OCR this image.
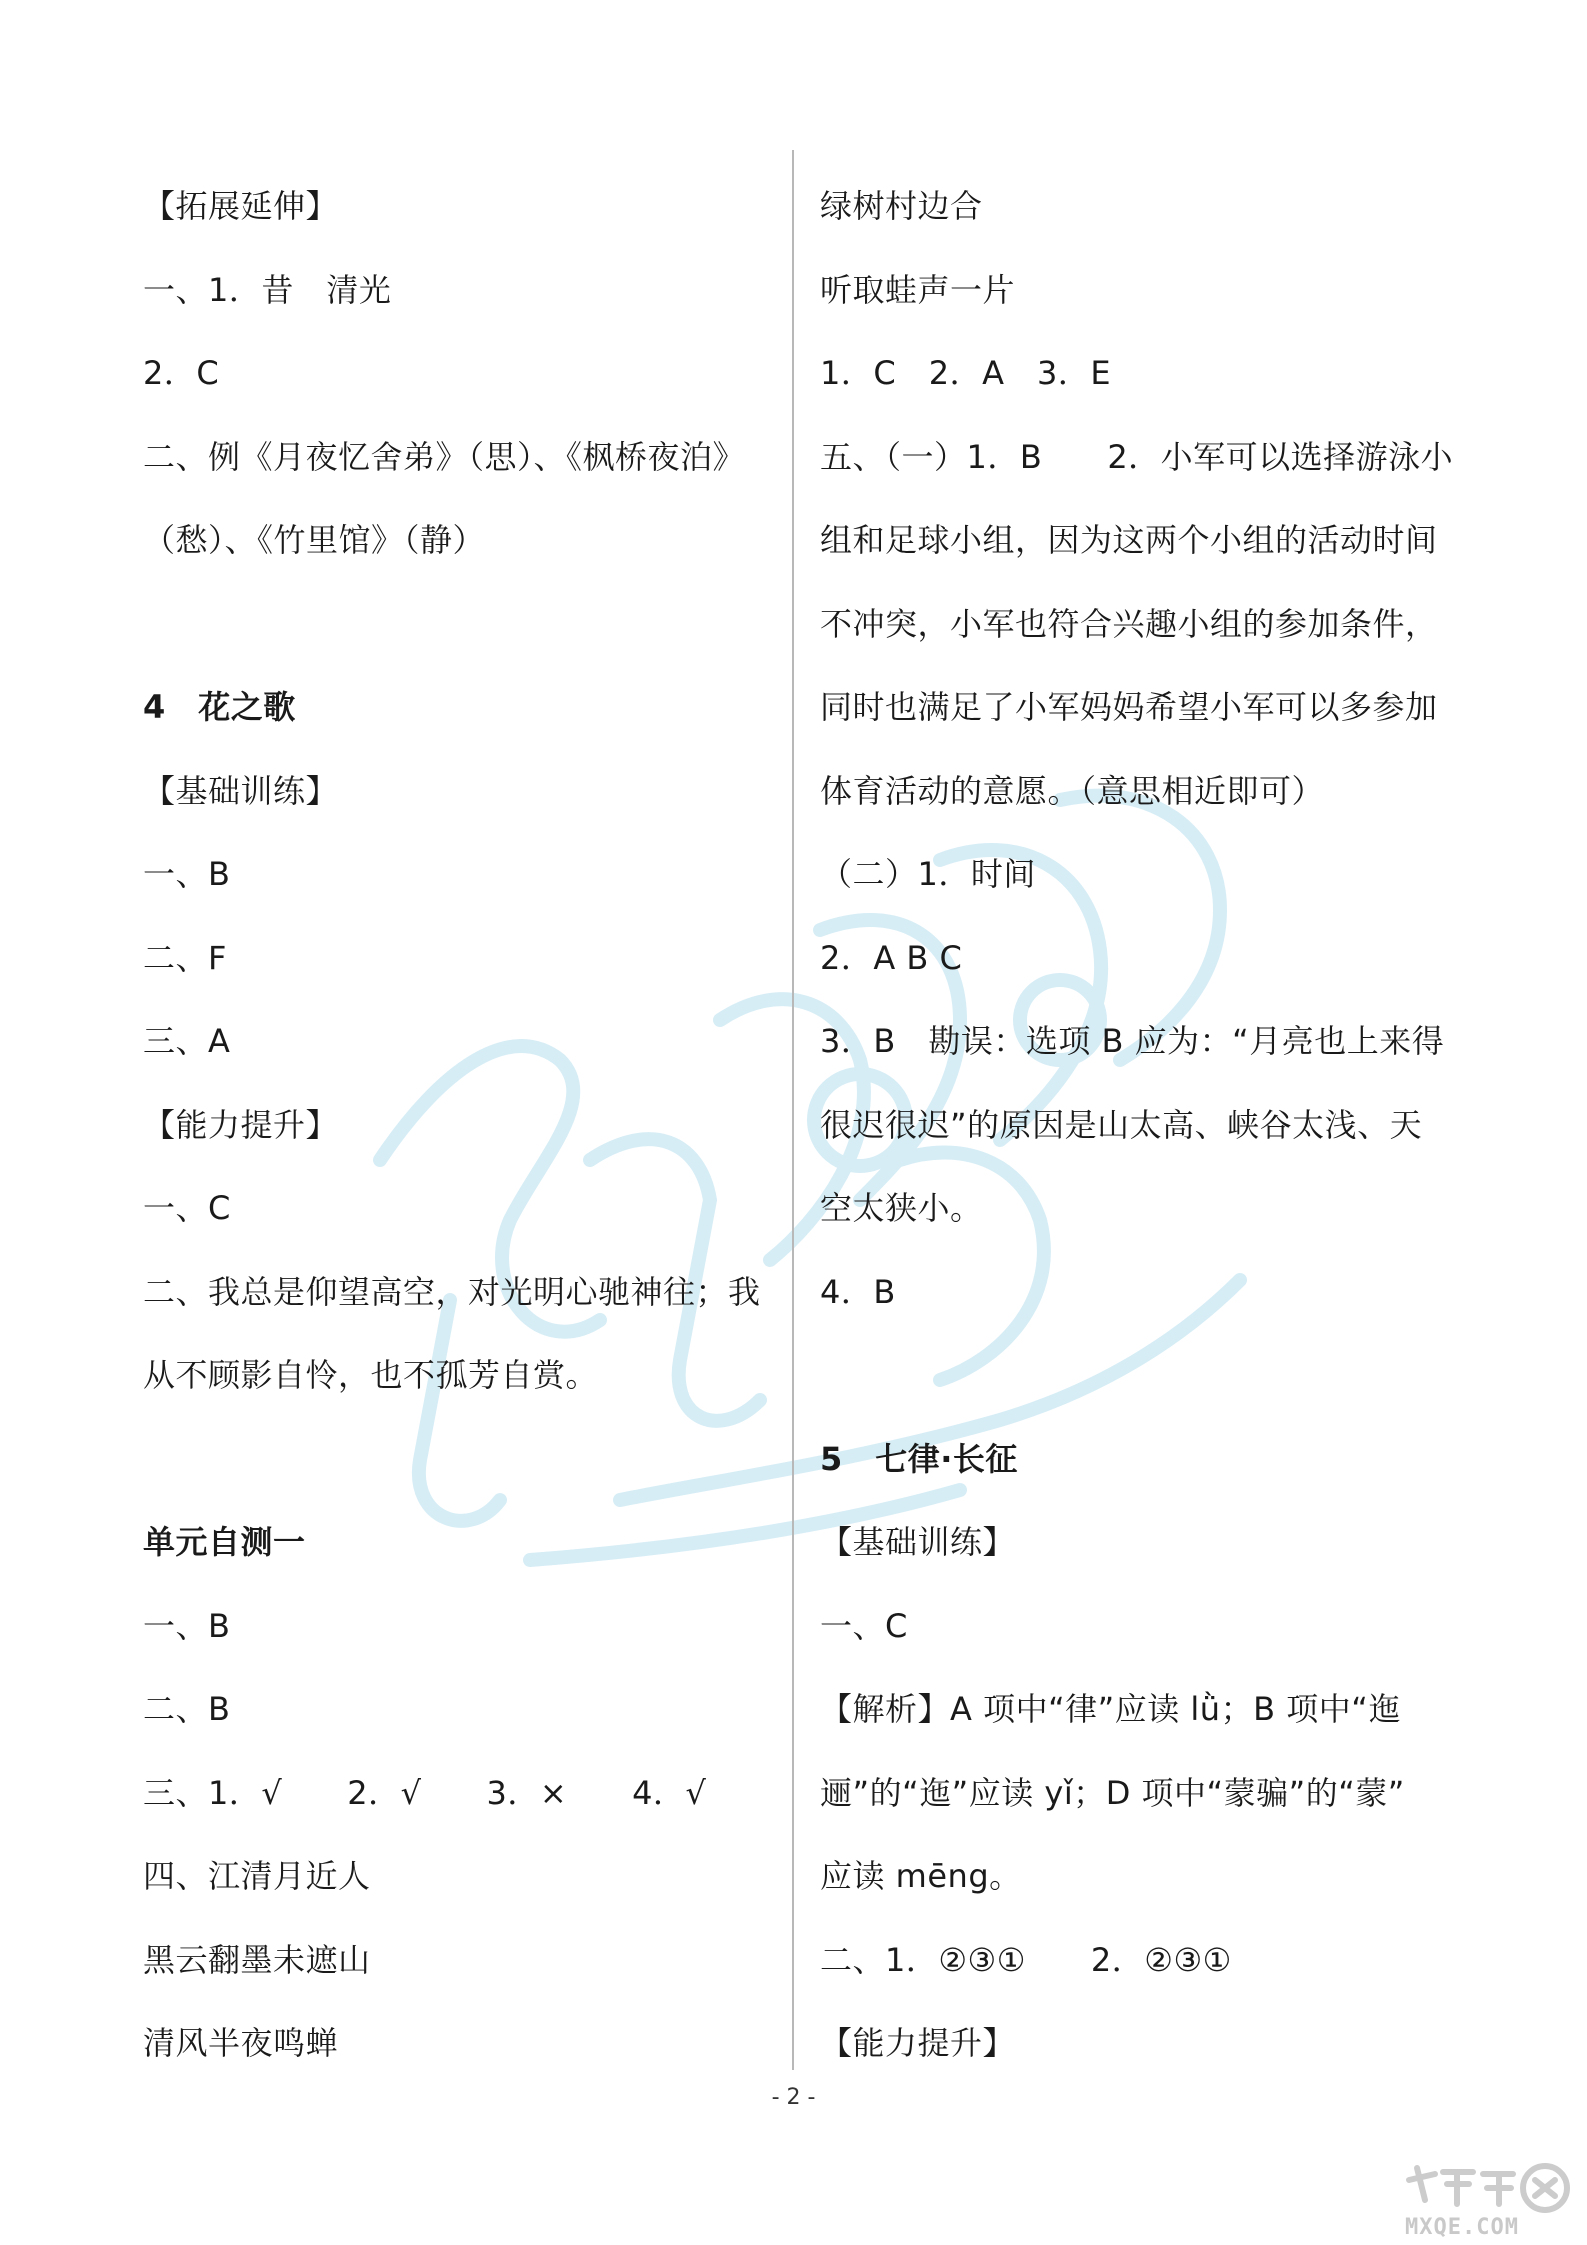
【拓展延伸】
一、1．昔　清光
2．C
二、例《月夜忆舍弟》（思）、《枫桥夜泊》
（愁）、《竹里馆》（静）
4　花之歌
【基础训练】
一、B
二、F
三、A
【能力提升】
一、C
二、我总是仰望高空，对光明心驰神往；我
从不顾影自怜，也不孤芳自赏。
单元自测一
一、B
二、B
三、1．√　　2．√　　3．×　　4．√
四、江清月近人
黑云翻墨未遮山
清风半夜鸣蝉
绿树村边合
听取蛙声一片
1．C　2．A　3．E
五、（一）1．B　　2．小军可以选择游泳小
组和足球小组，因为这两个小组的活动时间
不冲突，小军也符合兴趣小组的参加条件，
同时也满足了小军妈妈希望小军可以多参加
体育活动的意愿。（意思相近即可）
（二）1．时间
2．A B C
3．B　勘误：选项 B 应为：“月亮也上来得
很迟很迟”的原因是山太高、峡谷太浅、天
空太狭小。
4．B
5　七律·长征
【基础训练】
一、C
【解析】A 项中“律”应读 lǜ；B 项中“迤
逦”的“迤”应读 yǐ；D 项中“蒙骗”的“蒙”
应读 mēng。
二、1．②③①　　2．②③①
【能力提升】
- 2 -
MXQE.COM
